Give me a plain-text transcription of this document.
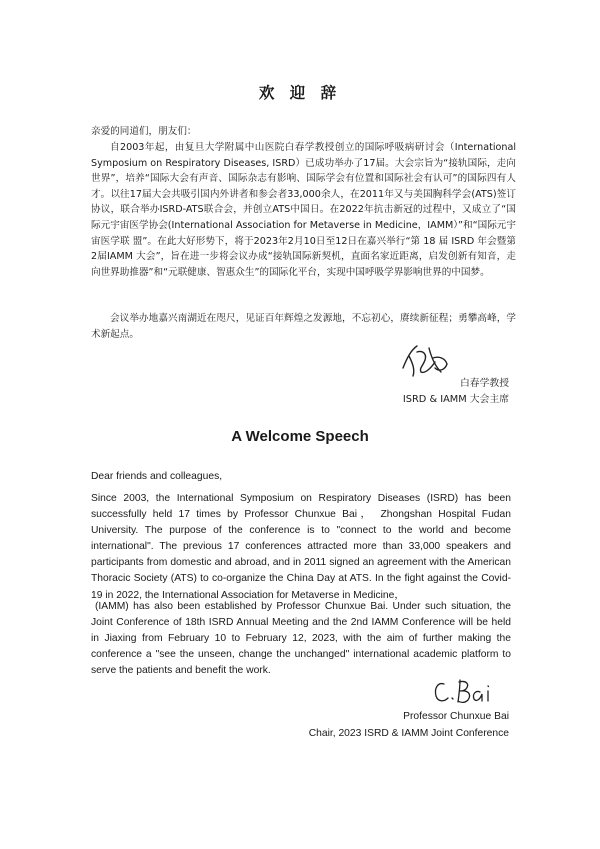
欢 迎 辞
亲爱的同道们，朋友们：
自2003年起，由复旦大学附属中山医院白春学教授创立的国际呼吸病研讨会（International Symposium on Respiratory Diseases, ISRD）已成功举办了17届。大会宗旨为“接轨国际，走向世界”，培养“国际大会有声音、国际杂志有影响、国际学会有位置和国际社会有认可”的国际四有人才。以往17届大会共吸引国内外讲者和参会者33,000余人，在2011年又与美国胸科学会(ATS)签订协议，联合举办ISRD-ATS联合会，并创立ATS中国日。在2022年抗击新冠的过程中，又成立了“国际元宇宙医学协会(International Association for Metaverse in Medicine，IAMM）”和“国际元宇宙医学联 盟”。在此大好形势下，将于2023年2月10日至12日在嘉兴举行“第 18 届 ISRD 年会暨第2届IAMM 大会”，旨在进一步将会议办成“接轨国际新契机，直面名家近距离，启发创新有知音，走向世界助推器”和“元联健康、智惠众生”的国际化平台，实现中国呼吸学界影响世界的中国梦。
会议举办地嘉兴南湖近在咫尺，见证百年辉煌之发源地，不忘初心，赓续新征程；勇攀高峰，学术新起点。
白春学教授
ISRD & IAMM 大会主席
A Welcome Speech
Dear friends and colleagues,
Since 2003, the International Symposium on Respiratory Diseases (ISRD) has been successfully held 17 times by Professor Chunxue Bai， Zhongshan Hospital Fudan University. The purpose of the conference is to "connect to the world and become international". The previous 17 conferences attracted more than 33,000 speakers and participants from domestic and abroad, and in 2011 signed an agreement with the American Thoracic Society (ATS) to co-organize the China Day at ATS. In the fight against the Covid-19 in 2022, the International Association for Metaverse in Medicine，
(IAMM) has also been established by Professor Chunxue Bai. Under such situation, the Joint Conference of 18th ISRD Annual Meeting and the 2nd IAMM Conference will be held in Jiaxing from February 10 to February 12, 2023, with the aim of further making the conference a "see the unseen, change the unchanged" international academic platform to serve the patients and benefit the work.
Professor Chunxue Bai
Chair, 2023 ISRD & IAMM Joint Conference
